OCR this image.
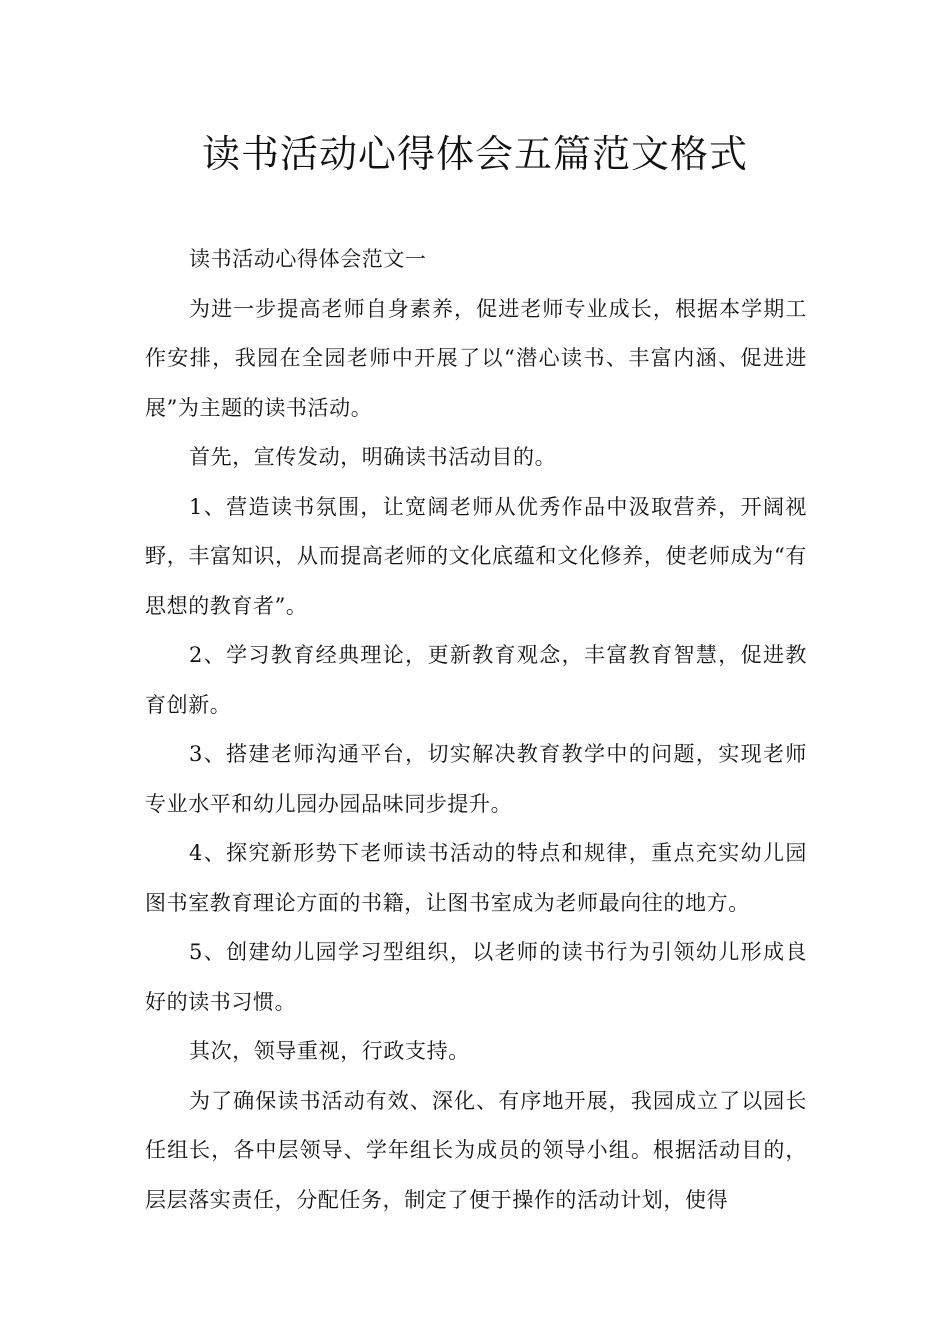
读书活动心得体会五篇范文格式

读书活动心得体会范文一

为进一步提高老师自身素养，促进老师专业成长，根据本学期工作安排，我园在全园老师中开展了以“潜心读书、丰富内涵、促进进展”为主题的读书活动。

首先，宣传发动，明确读书活动目的。

1、营造读书氛围，让宽阔老师从优秀作品中汲取营养，开阔视野，丰富知识，从而提高老师的文化底蕴和文化修养，使老师成为“有思想的教育者”。

2、学习教育经典理论，更新教育观念，丰富教育智慧，促进教育创新。

3、搭建老师沟通平台，切实解决教育教学中的问题，实现老师专业水平和幼儿园办园品味同步提升。

4、探究新形势下老师读书活动的特点和规律，重点充实幼儿园图书室教育理论方面的书籍，让图书室成为老师最向往的地方。

5、创建幼儿园学习型组织，以老师的读书行为引领幼儿形成良好的读书习惯。

其次，领导重视，行政支持。

为了确保读书活动有效、深化、有序地开展，我园成立了以园长任组长，各中层领导、学年组长为成员的领导小组。根据活动目的，层层落实责任，分配任务，制定了便于操作的活动计划，使得
